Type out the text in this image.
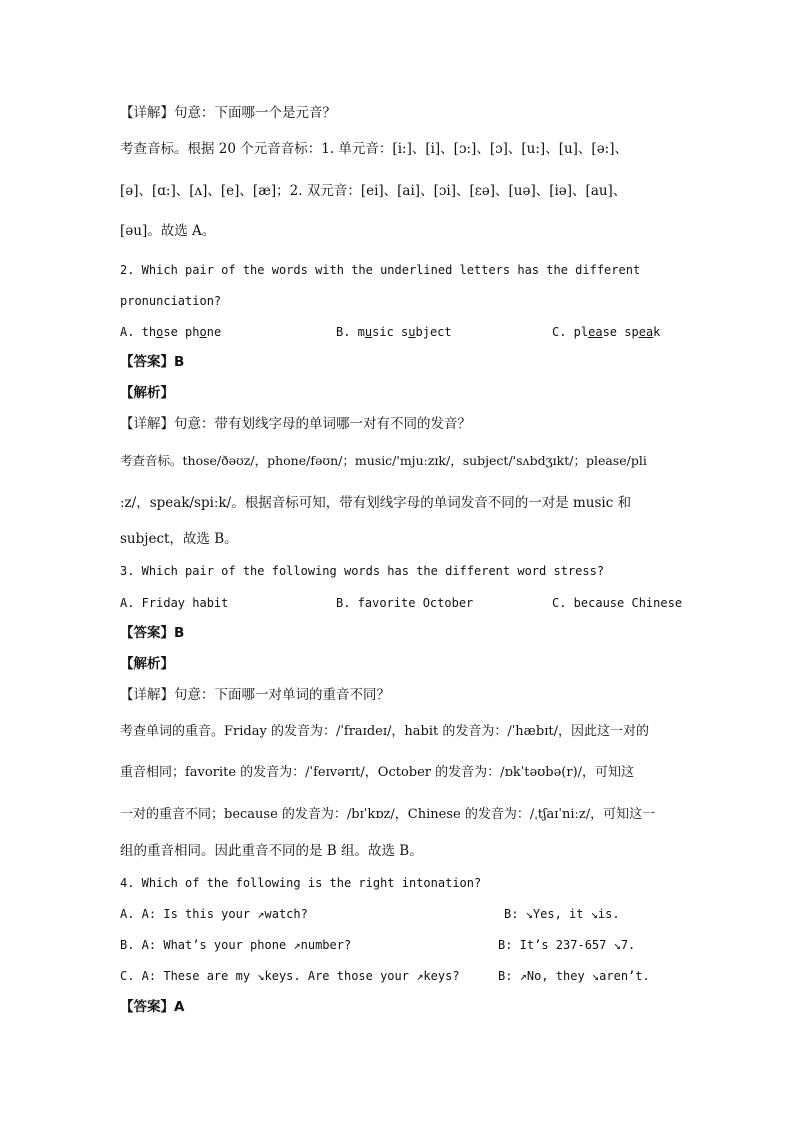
【详解】句意：下面哪一个是元音？
考查音标。根据 20 个元音音标：1. 单元音：[i:]、[i]、[ɔ:]、[ɔ]、[u:]、[u]、[ə:]、
[ə]、[ɑ:]、[ʌ]、[e]、[æ]；2. 双元音：[ei]、[ai]、[ɔi]、[εə]、[uə]、[iə]、[au]、
[əu]。故选 A。
2. Which pair of the words with the underlined letters has the different
pronunciation?
A. those phone	B. music subject	C. please speak
【答案】B
【解析】
【详解】句意：带有划线字母的单词哪一对有不同的发音？
考查音标。those/ðəʊz/，phone/fəʊn/；music/'mjuːzɪk/，subject/'sʌbdʒɪkt/；please/pli
ːz/，speak/spiːk/。根据音标可知，带有划线字母的单词发音不同的一对是 music 和
subject，故选 B。
3. Which pair of the following words has the different word stress?
A. Friday habit	B. favorite October	C. because Chinese
【答案】B
【解析】
【详解】句意：下面哪一对单词的重音不同？
考查单词的重音。Friday 的发音为：/ˈfraɪdeɪ/，habit 的发音为：/ˈhæbɪt/，因此这一对的
重音相同；favorite 的发音为：/ˈfeɪvərɪt/，October 的发音为：/ɒkˈtəʊbə(r)/，可知这
一对的重音不同；because 的发音为：/bɪˈkɒz/，Chinese 的发音为：/ˌtʃaɪˈniːz/，可知这一
组的重音相同。因此重音不同的是 B 组。故选 B。
4. Which of the following is the right intonation?
A. A: Is this your ↗watch?	B: ↘Yes, it ↘is.
B. A: What’s your phone ↗number?	B: It’s 237-657 ↘7.
C. A: These are my ↘keys. Are those your ↗keys?	B: ↗No, they ↘aren’t.
【答案】A
